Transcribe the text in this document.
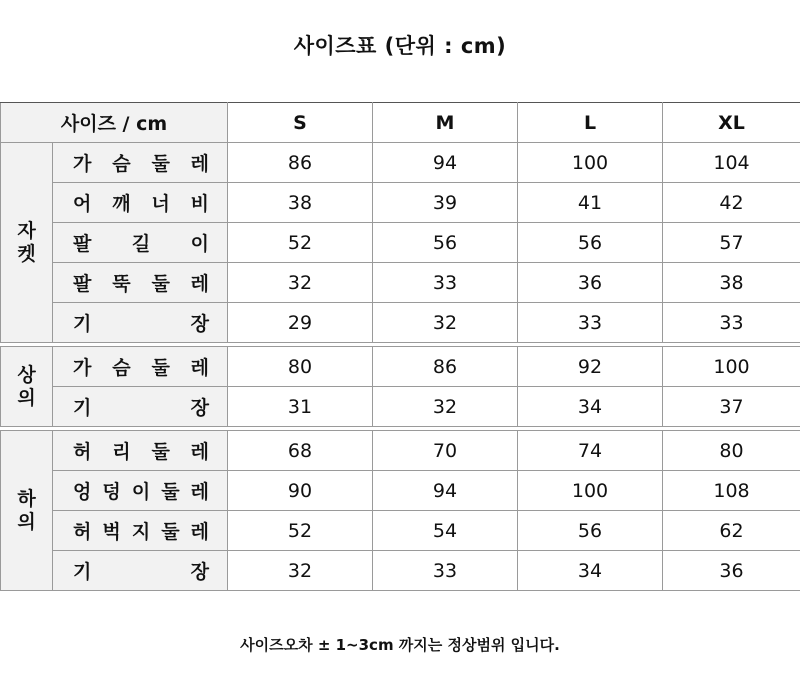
사이즈표 (단위 : cm)
사이즈 / cm		S	M	L	XL

자
켓	가 슴 둘 레	86	94	100	104

	어 깨 너 비	38	39	41	42

	팔 길 이	52	56	56	57

	팔 뚝 둘 레	32	33	36	38

	기 장	29	32	33	33

상
의	가 슴 둘 레	80	86	92	100

	기 장	31	32	34	37

하
의	허 리 둘 레	68	70	74	80

	엉 덩 이 둘 레	90	94	100	108

	허 벅 지 둘 레	52	54	56	62

	기 장	32	33	34	36
사이즈오차 ± 1~3cm 까지는 정상범위 입니다.
